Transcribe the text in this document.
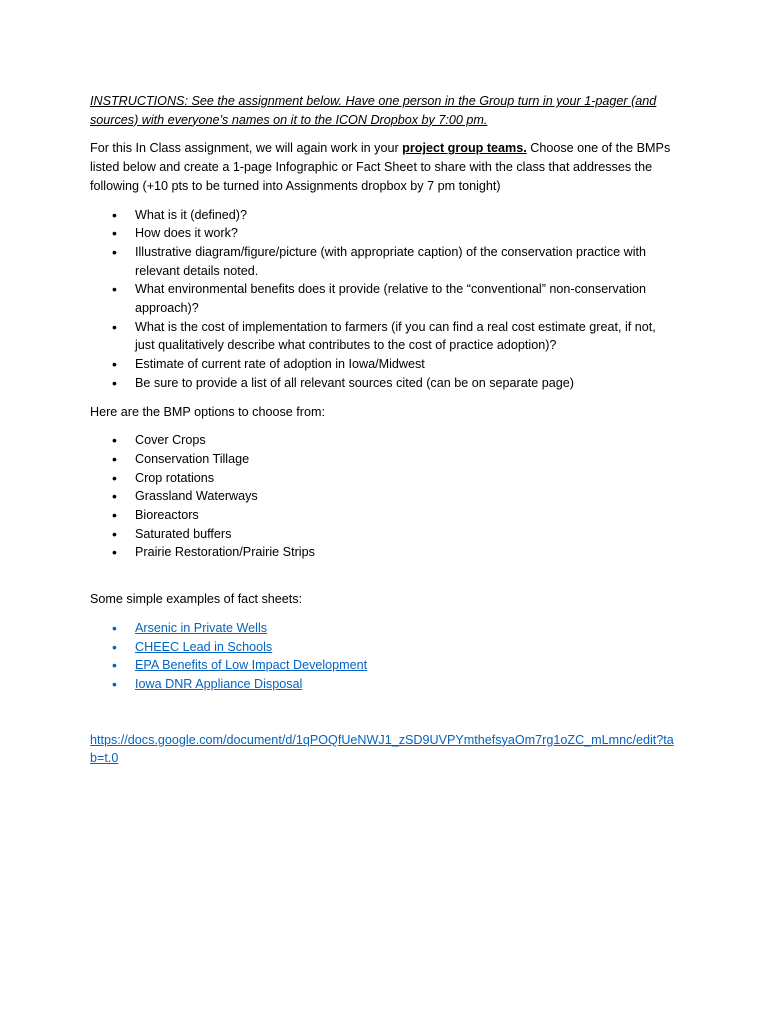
INSTRUCTIONS: See the assignment below. Have one person in the Group turn in your 1-pager (and sources) with everyone’s names on it to the ICON Dropbox by 7:00 pm.

For this In Class assignment, we will again work in your project group teams. Choose one of the BMPs listed below and create a 1-page Infographic or Fact Sheet to share with the class that addresses the following (+10 pts to be turned into Assignments dropbox by 7 pm tonight)

• What is it (defined)?
• How does it work?
• Illustrative diagram/figure/picture (with appropriate caption) of the conservation practice with relevant details noted.
• What environmental benefits does it provide (relative to the “conventional” non-conservation approach)?
• What is the cost of implementation to farmers (if you can find a real cost estimate great, if not, just qualitatively describe what contributes to the cost of practice adoption)?
• Estimate of current rate of adoption in Iowa/Midwest
• Be sure to provide a list of all relevant sources cited (can be on separate page)

Here are the BMP options to choose from:

• Cover Crops
• Conservation Tillage
• Crop rotations
• Grassland Waterways
• Bioreactors
• Saturated buffers
• Prairie Restoration/Prairie Strips

Some simple examples of fact sheets:

• Arsenic in Private Wells
• CHEEC Lead in Schools
• EPA Benefits of Low Impact Development
• Iowa DNR Appliance Disposal

https://docs.google.com/document/d/1qPOQfUeNWJ1_zSD9UVPYmthefsyaOm7rg1oZC_mLmnc/edit?tab=t.0
